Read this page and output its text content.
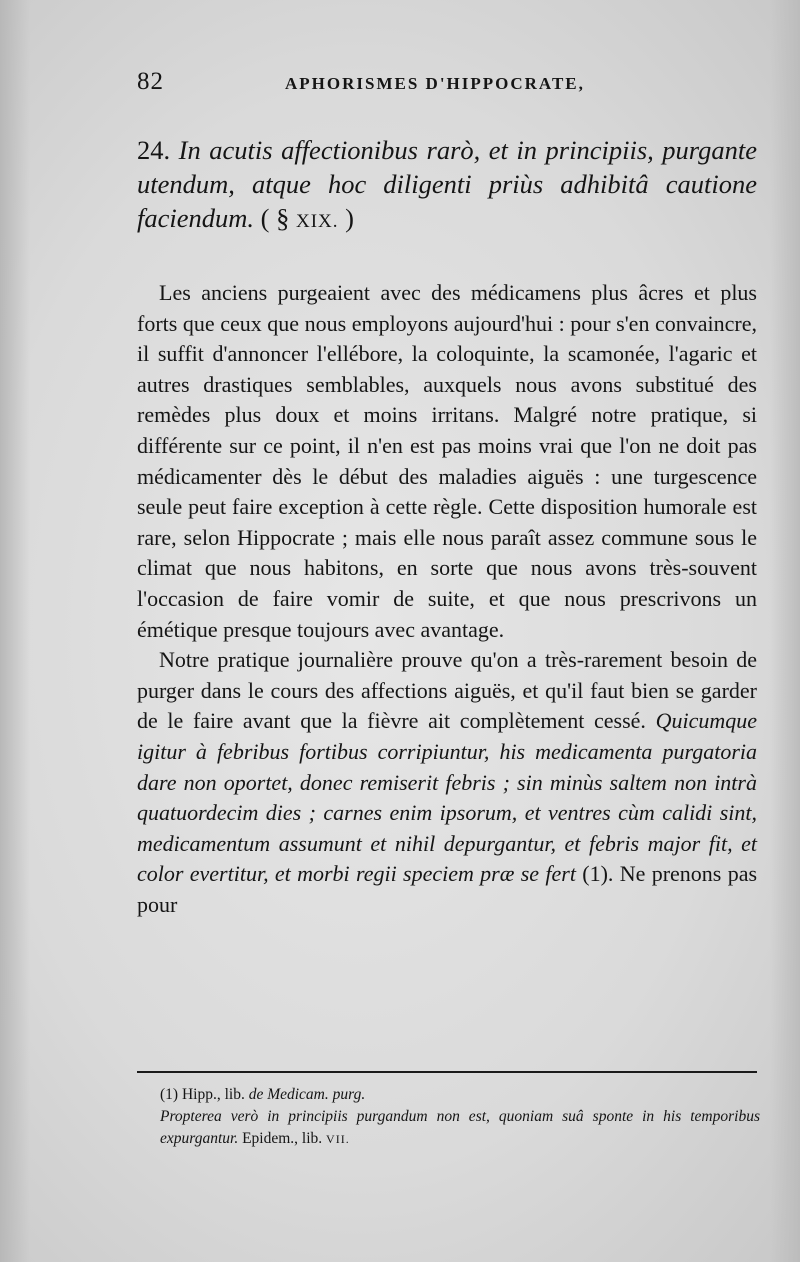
82	APHORISMES D'HIPPOCRATE,
24. In acutis affectionibus rarò, et in principiis, purgante utendum, atque hoc diligenti priùs adhibitâ cautione faciendum. ( § XIX. )

Les anciens purgeaient avec des médicamens plus âcres et plus forts que ceux que nous employons aujourd'hui : pour s'en convaincre, il suffit d'annoncer l'ellébore, la coloquinte, la scamonée, l'agaric et autres drastiques semblables, auxquels nous avons substitué des remèdes plus doux et moins irritans. Malgré notre pratique, si différente sur ce point, il n'en est pas moins vrai que l'on ne doit pas médicamenter dès le début des maladies aiguës : une turgescence seule peut faire exception à cette règle. Cette disposition humorale est rare, selon Hippocrate ; mais elle nous paraît assez commune sous le climat que nous habitons, en sorte que nous avons très-souvent l'occasion de faire vomir de suite, et que nous prescrivons un émétique presque toujours avec avantage.

Notre pratique journalière prouve qu'on a très-rarement besoin de purger dans le cours des affections aiguës, et qu'il faut bien se garder de le faire avant que la fièvre ait complètement cessé. Quicumque igitur à febribus fortibus corripiuntur, his medicamenta purgatoria dare non oportet, donec remiserit febris ; sin minùs saltem non intrà quatuordecim dies ; carnes enim ipsorum, et ventres cùm calidi sint, medicamentum assumunt et nihil depurgantur, et febris major fit, et color evertitur, et morbi regii speciem præ se fert (1). Ne prenons pas pour

(1) Hipp., lib. de Medicam. purg.

Propterea verò in principiis purgandum non est, quoniam suâ sponte in his temporibus expurgantur. Epidem., lib. VII.
